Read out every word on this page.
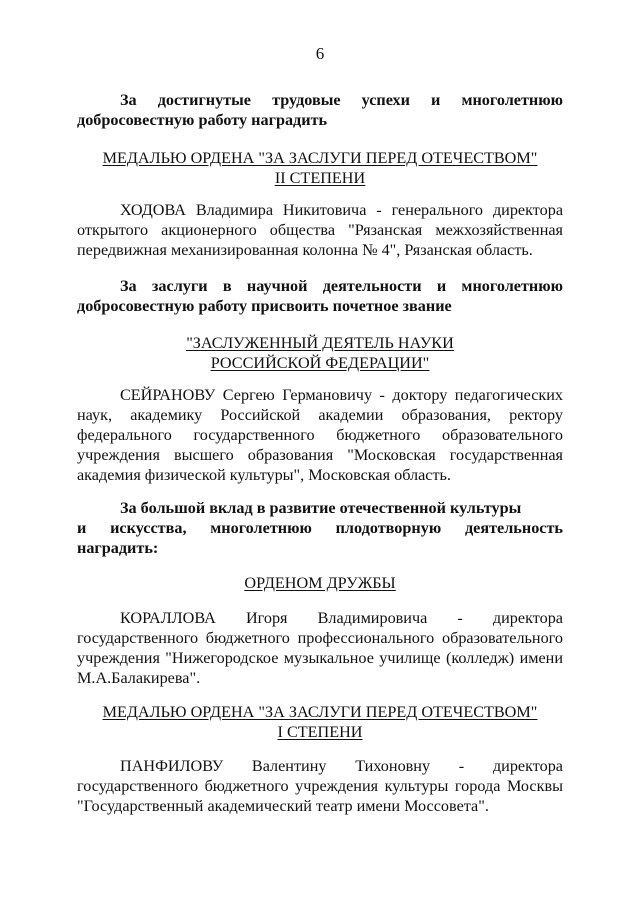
6
За достигнутые трудовые успехи и многолетнюю
добросовестную работу наградить
МЕДАЛЬЮ ОРДЕНА "ЗА ЗАСЛУГИ ПЕРЕД ОТЕЧЕСТВОМ"
II СТЕПЕНИ
ХОДОВА Владимира Никитовича - генерального директора открытого акционерного общества "Рязанская межхозяйственная передвижная механизированная колонна № 4", Рязанская область.
За заслуги в научной деятельности и многолетнюю
добросовестную работу присвоить почетное звание
"ЗАСЛУЖЕННЫЙ ДЕЯТЕЛЬ НАУКИ
РОССИЙСКОЙ ФЕДЕРАЦИИ"
СЕЙРАНОВУ Сергею Германовичу - доктору педагогических наук, академику Российской академии образования, ректору федерального государственного бюджетного образовательного учреждения высшего образования "Московская государственная академия физической культуры", Московская область.
За большой вклад в развитие отечественной культуры
и искусства, многолетнюю плодотворную деятельность
наградить:
ОРДЕНОМ ДРУЖБЫ
КОРАЛЛОВА Игоря Владимировича - директора
государственного бюджетного профессионального образовательного учреждения "Нижегородское музыкальное училище (колледж) имени М.А.Балакирева".
МЕДАЛЬЮ ОРДЕНА "ЗА ЗАСЛУГИ ПЕРЕД ОТЕЧЕСТВОМ"
I СТЕПЕНИ
ПАНФИЛОВУ Валентину Тихоновну - директора
государственного бюджетного учреждения культуры города Москвы "Государственный академический театр имени Моссовета".
